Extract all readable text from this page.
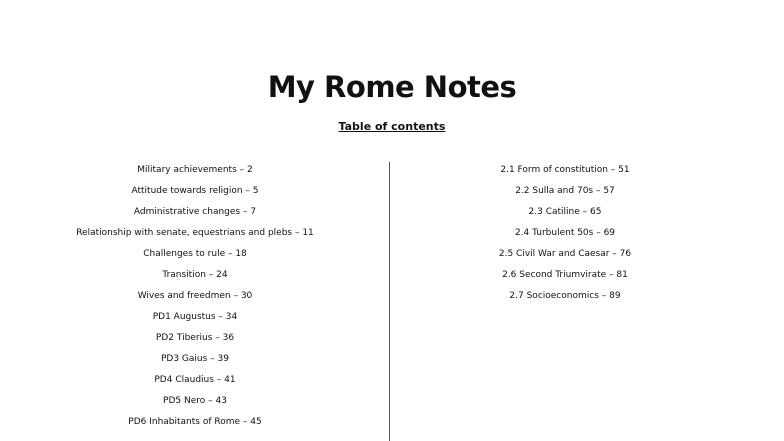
My Rome Notes

Table of contents

Military achievements – 2
Attitude towards religion – 5
Administrative changes – 7
Relationship with senate, equestrians and plebs – 11
Challenges to rule – 18
Transition – 24
Wives and freedmen – 30
PD1 Augustus – 34
PD2 Tiberius – 36
PD3 Gaius – 39
PD4 Claudius – 41
PD5 Nero – 43
PD6 Inhabitants of Rome – 45
2.1 Form of constitution – 51
2.2 Sulla and 70s – 57
2.3 Catiline – 65
2.4 Turbulent 50s – 69
2.5 Civil War and Caesar – 76
2.6 Second Triumvirate – 81
2.7 Socioeconomics – 89
